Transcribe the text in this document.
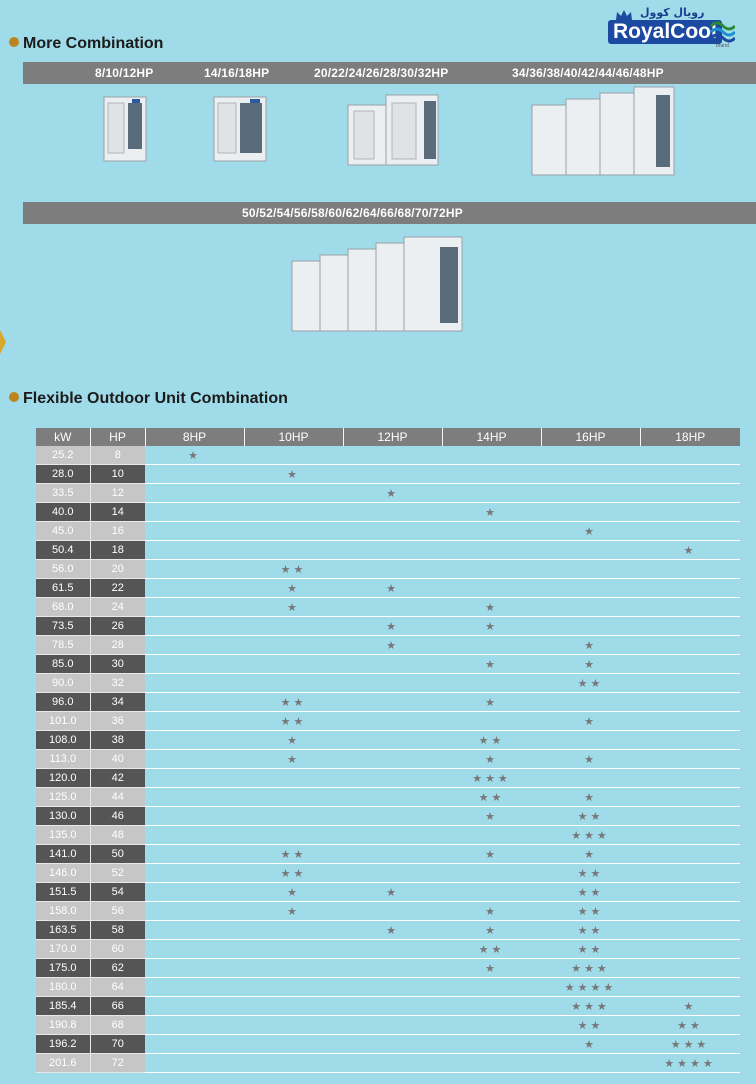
رويال كوول
RoyalCool
brand
More Combination
8/10/12HP	14/16/18HP	20/22/24/26/28/30/32HP	34/36/38/40/42/44/46/48HP
50/52/54/56/58/60/62/64/66/68/70/72HP
Flexible Outdoor Unit Combination
kW	HP	8HP	10HP	12HP	14HP	16HP	18HP
25.2	8	★					
28.0	10		★				
33.5	12			★			
40.0	14				★		
45.0	16					★	
50.4	18						★
56.0	20		★★				
61.5	22		★	★			
68.0	24		★		★		
73.5	26			★	★		
78.5	28			★		★	
85.0	30				★	★	
90.0	32					★★	
96.0	34		★★		★		
101.0	36		★★			★	
108.0	38		★		★★		
113.0	40		★		★	★	
120.0	42				★★★		
125.0	44				★★	★	
130.0	46				★	★★	
135.0	48					★★★	
141.0	50		★★		★	★	
146.0	52		★★			★★	
151.5	54		★	★		★★	
158.0	56		★		★	★★	
163.5	58			★	★	★★	
170.0	60				★★	★★	
175.0	62				★	★★★	
180.0	64					★★★★	
185.4	66					★★★	★
190.8	68					★★	★★
196.2	70					★	★★★
201.6	72						★★★★
